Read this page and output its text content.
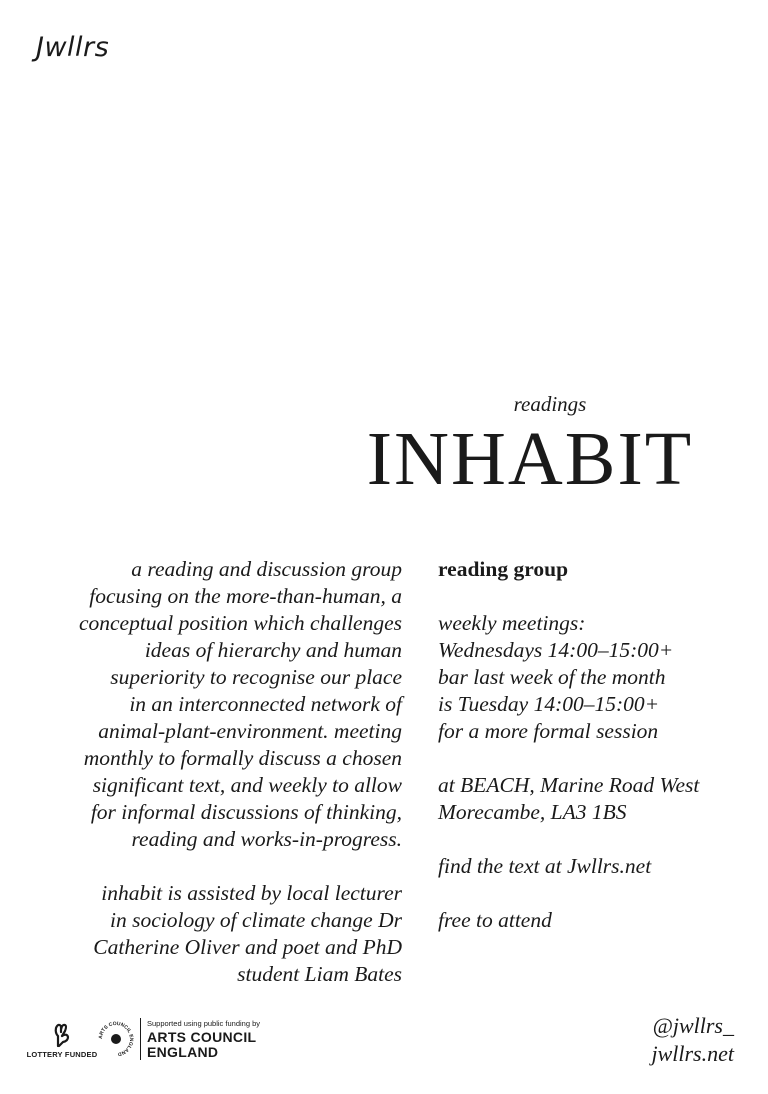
Jwllrs
readings
INHABIT

a reading and discussion group
focusing on the more-than-human, a
conceptual position which challenges
ideas of hierarchy and human
superiority to recognise our place
in an interconnected network of
animal-plant-environment. meeting
monthly to formally discuss a chosen
significant text, and weekly to allow
for informal discussions of thinking,
reading and works-in-progress.

inhabit is assisted by local lecturer
in sociology of climate change Dr
Catherine Oliver and poet and PhD
student Liam Bates

reading group

weekly meetings:
Wednesdays 14:00–15:00+
bar last week of the month
is Tuesday 14:00–15:00+
for a more formal session

at BEACH, Marine Road West
Morecambe, LA3 1BS

find the text at Jwllrs.net

free to attend

LOTTERY FUNDED
ARTS COUNCIL ENGLAND
Supported using public funding by
ARTS COUNCIL
ENGLAND
@jwllrs_
jwllrs.net
